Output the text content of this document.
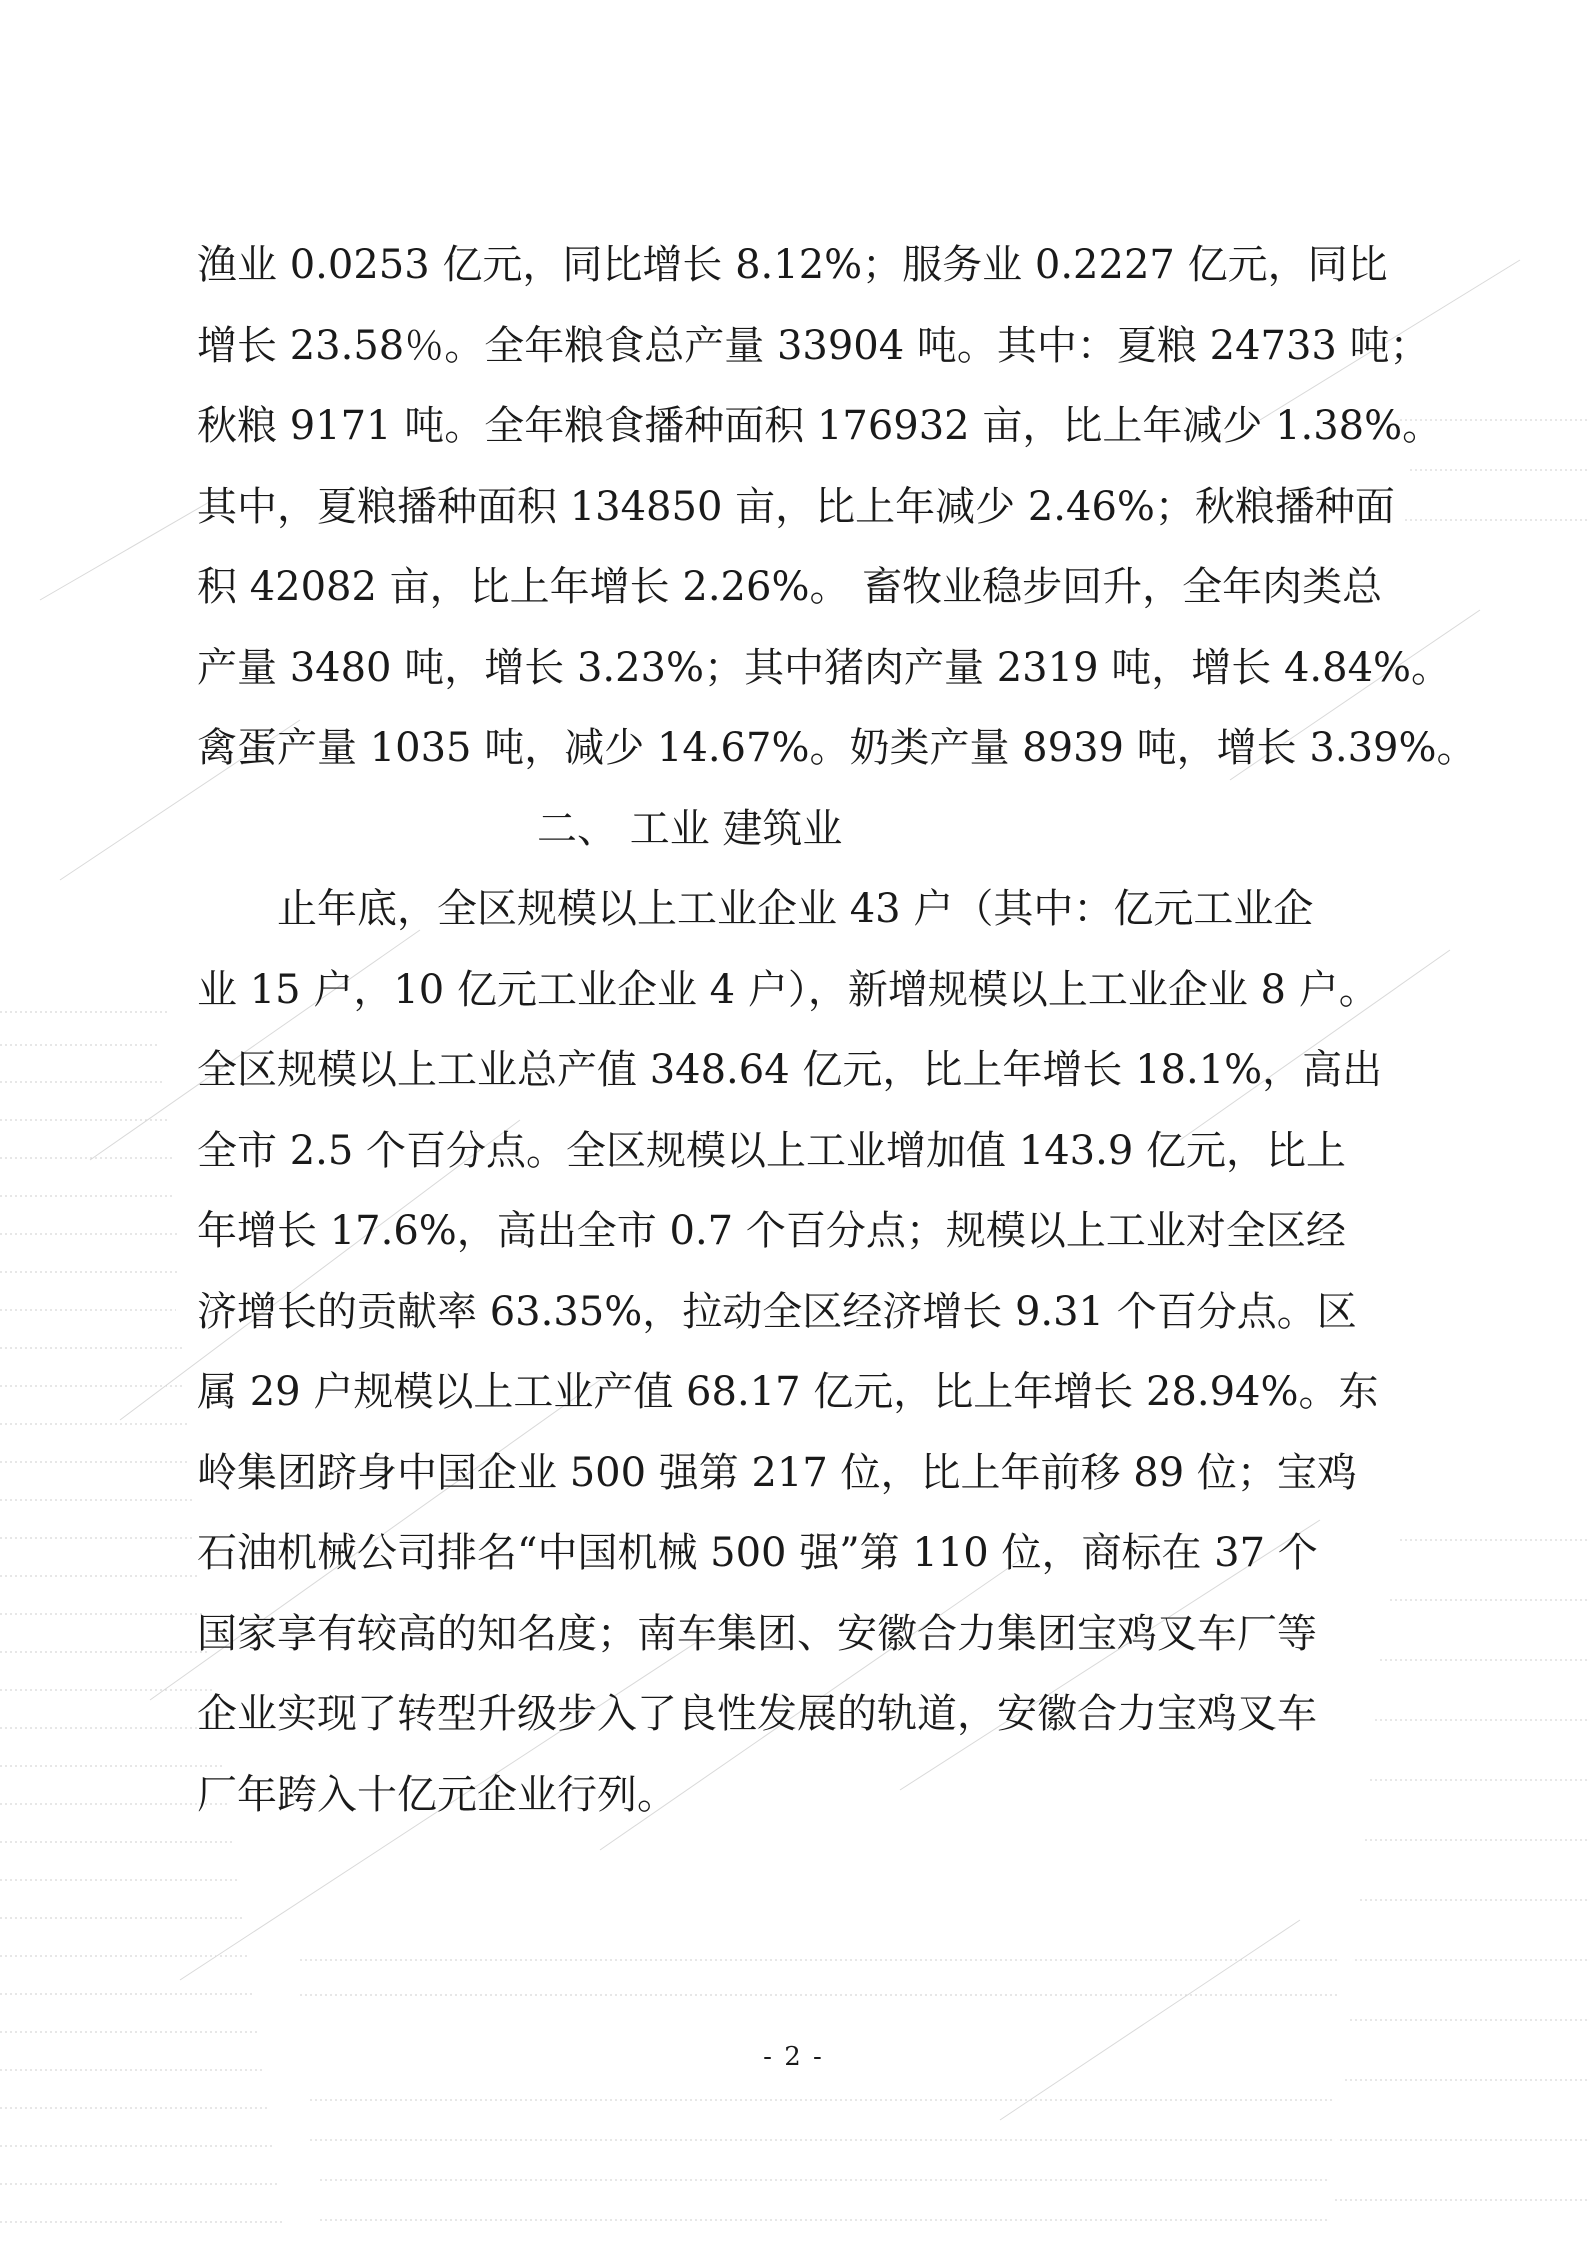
渔业 0.0253 亿元，同比增长 8.12%；服务业 0.2227 亿元，同比
增长 23.58％。全年粮食总产量 33904 吨。其中：夏粮 24733 吨；
秋粮 9171 吨。全年粮食播种面积 176932 亩，比上年减少 1.38%。
其中，夏粮播种面积 134850 亩，比上年减少 2.46%；秋粮播种面
积 42082 亩，比上年增长 2.26%。 畜牧业稳步回升，全年肉类总
产量 3480 吨，增长 3.23%；其中猪肉产量 2319 吨，增长 4.84%。
禽蛋产量 1035 吨，减少 14.67%。奶类产量 8939 吨，增长 3.39%。
二、 工业 建筑业
止年底，全区规模以上工业企业 43 户（其中：亿元工业企
业 15 户，10 亿元工业企业 4 户），新增规模以上工业企业 8 户。
全区规模以上工业总产值 348.64 亿元，比上年增长 18.1%，高出
全市 2.5 个百分点。全区规模以上工业增加值 143.9 亿元，比上
年增长 17.6%，高出全市 0.7 个百分点；规模以上工业对全区经
济增长的贡献率 63.35%，拉动全区经济增长 9.31 个百分点。区
属 29 户规模以上工业产值 68.17 亿元，比上年增长 28.94%。东
岭集团跻身中国企业 500 强第 217 位，比上年前移 89 位；宝鸡
石油机械公司排名“中国机械 500 强”第 110 位，商标在 37 个
国家享有较高的知名度；南车集团、安徽合力集团宝鸡叉车厂等
企业实现了转型升级步入了良性发展的轨道，安徽合力宝鸡叉车
厂年跨入十亿元企业行列。
- 2 -
